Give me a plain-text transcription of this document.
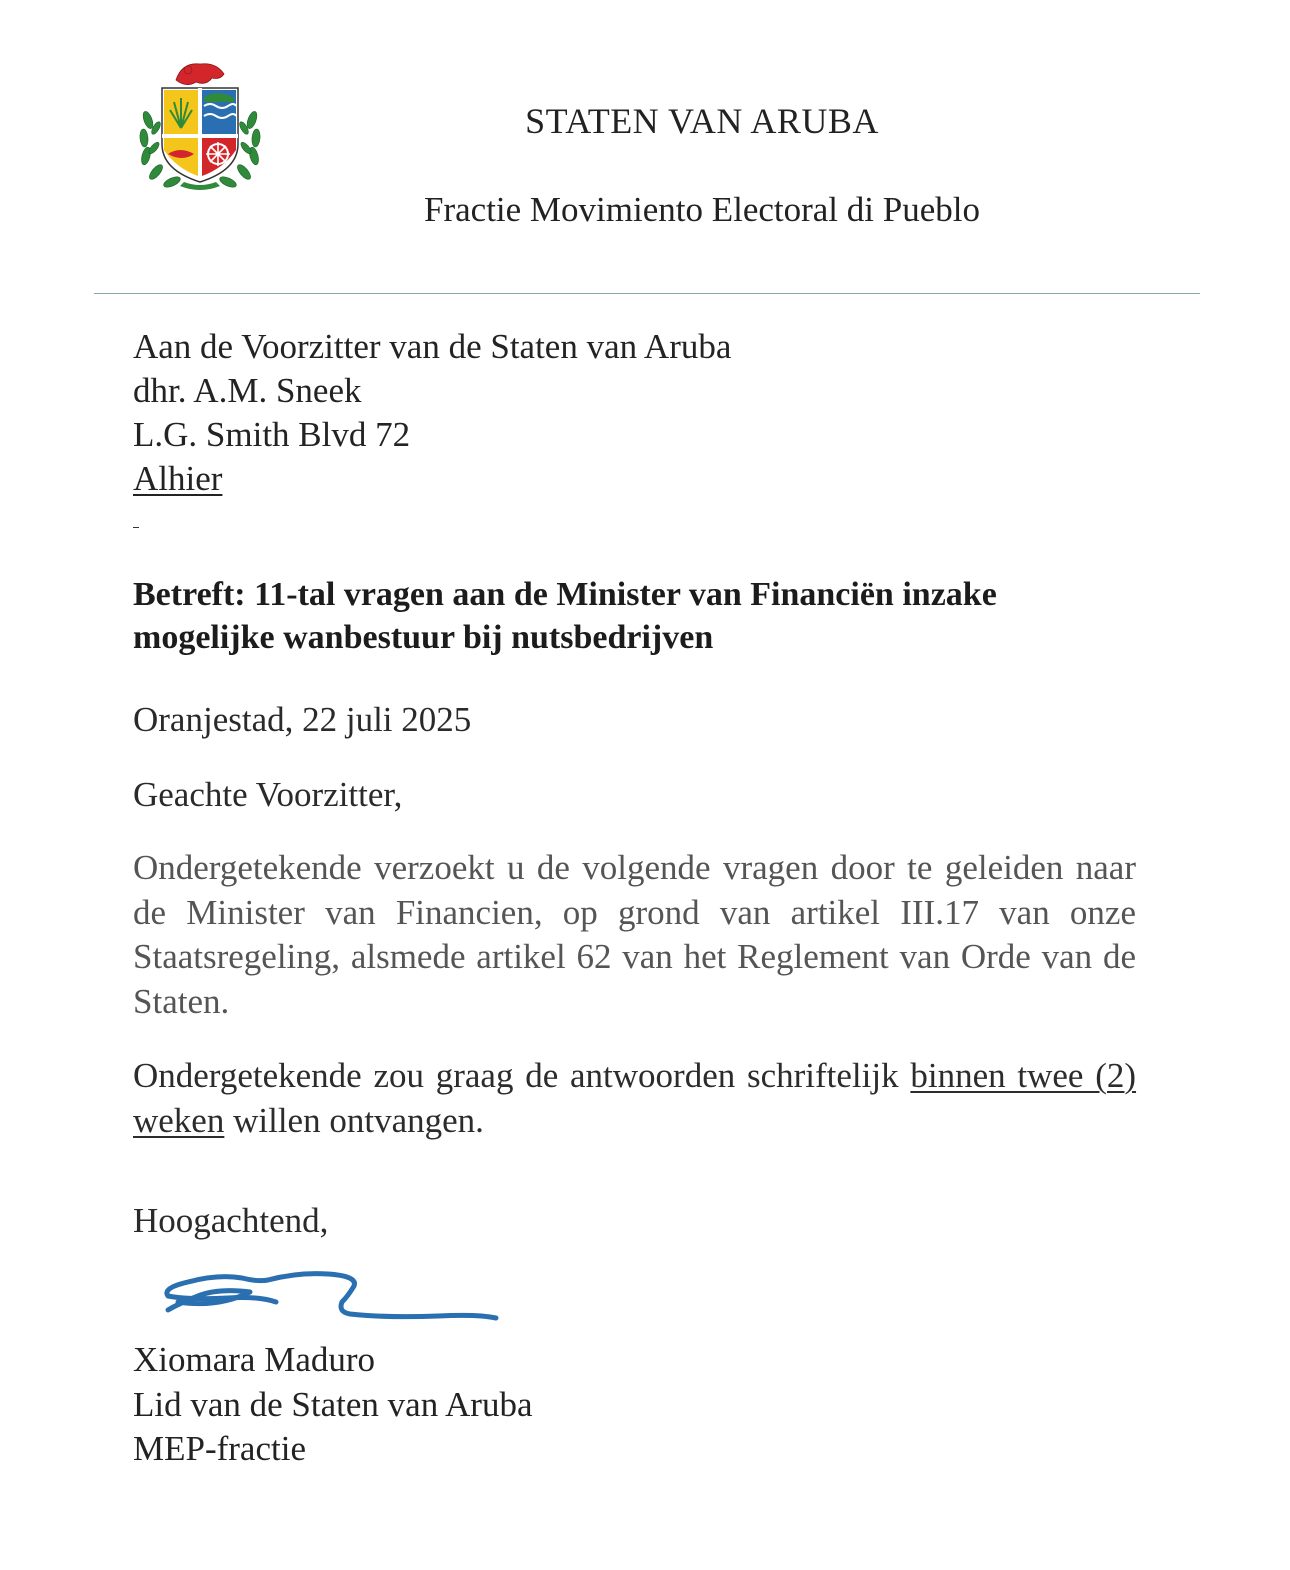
STATEN VAN ARUBA
Fractie Movimiento Electoral di Pueblo
Aan de Voorzitter van de Staten van Aruba
dhr. A.M. Sneek
L.G. Smith Blvd 72
Alhier
Betreft: 11-tal vragen aan de Minister van Financiën inzake mogelijke wanbestuur bij nutsbedrijven
Oranjestad, 22 juli 2025
Geachte Voorzitter,
Ondergetekende verzoekt u de volgende vragen door te geleiden naar de Minister van Financien, op grond van artikel III.17 van onze Staatsregeling, alsmede artikel 62 van het Reglement van Orde van de Staten.
Ondergetekende zou graag de antwoorden schriftelijk binnen twee (2) weken willen ontvangen.
Hoogachtend,
Xiomara Maduro
Lid van de Staten van Aruba
MEP-fractie
